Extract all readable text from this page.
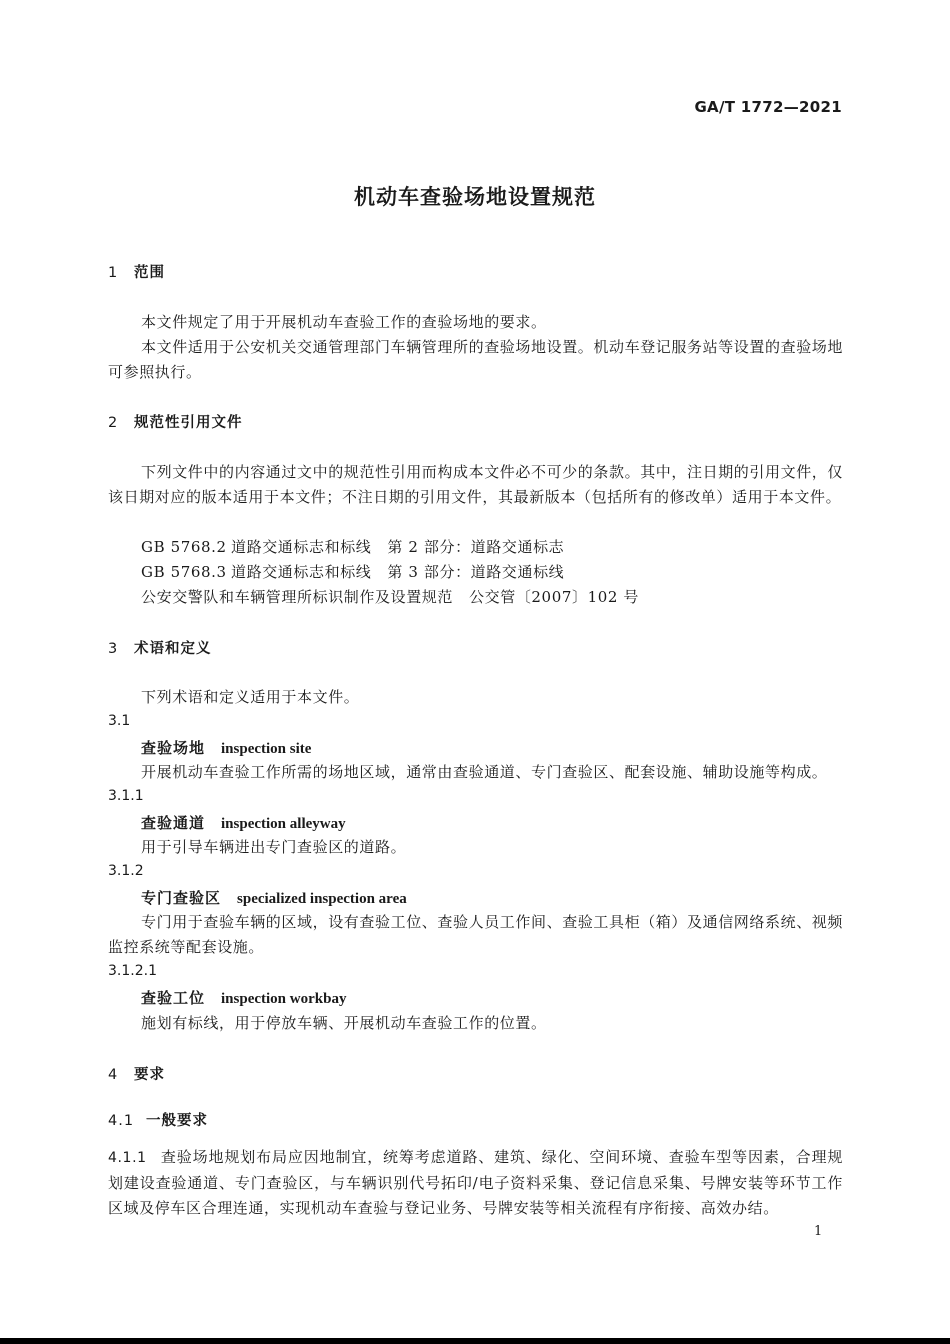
GA/T 1772—2021
机动车查验场地设置规范
1 范围
本文件规定了用于开展机动车查验工作的查验场地的要求。
本文件适用于公安机关交通管理部门车辆管理所的查验场地设置。机动车登记服务站等设置的查验场地可参照执行。
2 规范性引用文件
下列文件中的内容通过文中的规范性引用而构成本文件必不可少的条款。其中，注日期的引用文件，仅该日期对应的版本适用于本文件；不注日期的引用文件，其最新版本（包括所有的修改单）适用于本文件。
GB 5768.2 道路交通标志和标线 第 2 部分：道路交通标志
GB 5768.3 道路交通标志和标线 第 3 部分：道路交通标线
公安交警队和车辆管理所标识制作及设置规范 公交管〔2007〕102 号
3 术语和定义
下列术语和定义适用于本文件。
3.1
查验场地 inspection site
开展机动车查验工作所需的场地区域，通常由查验通道、专门查验区、配套设施、辅助设施等构成。
3.1.1
查验通道 inspection alleyway
用于引导车辆进出专门查验区的道路。
3.1.2
专门查验区 specialized inspection area
专门用于查验车辆的区域，设有查验工位、查验人员工作间、查验工具柜（箱）及通信网络系统、视频监控系统等配套设施。
3.1.2.1
查验工位 inspection workbay
施划有标线，用于停放车辆、开展机动车查验工作的位置。
4 要求
4.1 一般要求
4.1.1 查验场地规划布局应因地制宜，统筹考虑道路、建筑、绿化、空间环境、查验车型等因素，合理规划建设查验通道、专门查验区，与车辆识别代号拓印/电子资料采集、登记信息采集、号牌安装等环节工作区域及停车区合理连通，实现机动车查验与登记业务、号牌安装等相关流程有序衔接、高效办结。
1
